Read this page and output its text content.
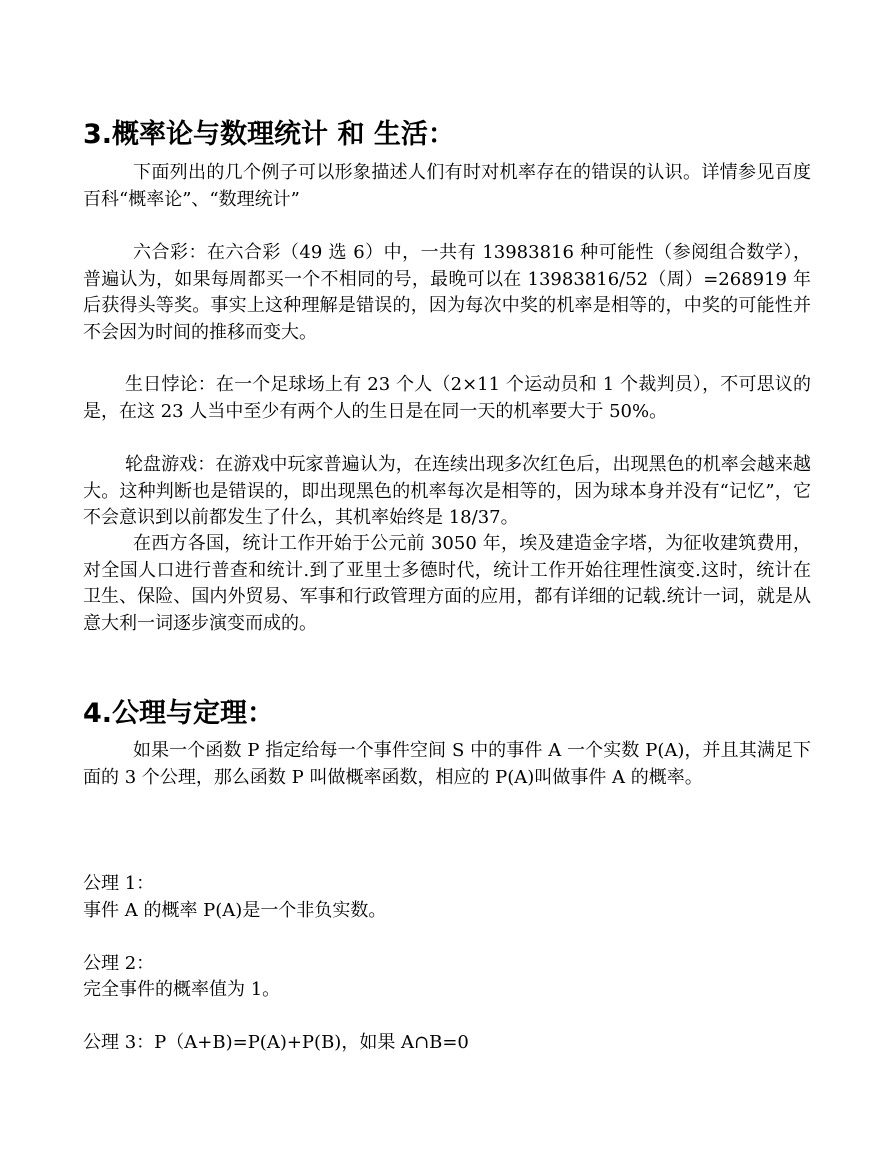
3.概率论与数理统计 和 生活：

下面列出的几个例子可以形象描述人们有时对机率存在的错误的认识。详情参见百度百科“概率论”、“数理统计”

六合彩：在六合彩（49 选 6）中，一共有 13983816 种可能性（参阅组合数学），普遍认为，如果每周都买一个不相同的号，最晚可以在 13983816/52（周）=268919 年后获得头等奖。事实上这种理解是错误的，因为每次中奖的机率是相等的，中奖的可能性并不会因为时间的推移而变大。

生日悖论：在一个足球场上有 23 个人（2×11 个运动员和 1 个裁判员），不可思议的是，在这 23 人当中至少有两个人的生日是在同一天的机率要大于 50%。

轮盘游戏：在游戏中玩家普遍认为，在连续出现多次红色后，出现黑色的机率会越来越大。这种判断也是错误的，即出现黑色的机率每次是相等的，因为球本身并没有“记忆”，它不会意识到以前都发生了什么，其机率始终是 18/37。

在西方各国，统计工作开始于公元前 3050 年，埃及建造金字塔，为征收建筑费用，对全国人口进行普查和统计.到了亚里士多德时代，统计工作开始往理性演变.这时，统计在卫生、保险、国内外贸易、军事和行政管理方面的应用，都有详细的记载.统计一词，就是从意大利一词逐步演变而成的。

4.公理与定理：

如果一个函数 P 指定给每一个事件空间 S 中的事件 A 一个实数 P(A)，并且其满足下面的 3 个公理，那么函数 P 叫做概率函数，相应的 P(A)叫做事件 A 的概率。

公理 1：

事件 A 的概率 P(A)是一个非负实数。

公理 2：

完全事件的概率值为 1。

公理 3：P（A+B)=P(A)+P(B)，如果 A∩B=0
